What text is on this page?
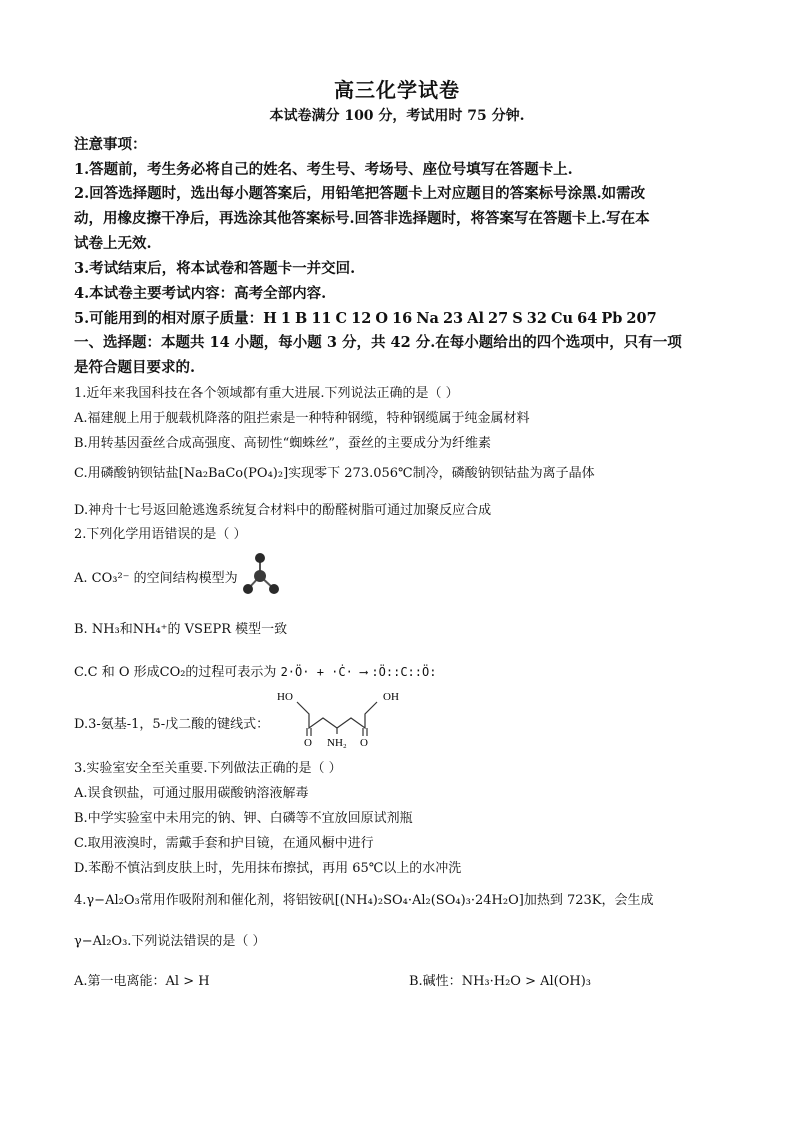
高三化学试卷
本试卷满分 100 分，考试用时 75 分钟.
注意事项：
1.答题前，考生务必将自己的姓名、考生号、考场号、座位号填写在答题卡上.
2.回答选择题时，选出每小题答案后，用铅笔把答题卡上对应题目的答案标号涂黑.如需改
动，用橡皮擦干净后，再选涂其他答案标号.回答非选择题时，将答案写在答题卡上.写在本
试卷上无效.
3.考试结束后，将本试卷和答题卡一并交回.
4.本试卷主要考试内容：高考全部内容.
5.可能用到的相对原子质量：H 1 B 11 C 12 O 16 Na 23 Al 27 S 32 Cu 64 Pb 207
一、选择题：本题共 14 小题，每小题 3 分，共 42 分.在每小题给出的四个选项中，只有一项
是符合题目要求的.
1.近年来我国科技在各个领域都有重大进展.下列说法正确的是（ ）
A.福建舰上用于舰载机降落的阻拦索是一种特种钢缆，特种钢缆属于纯金属材料
B.用转基因蚕丝合成高强度、高韧性“蜘蛛丝”，蚕丝的主要成分为纤维素
C.用磷酸钠钡钴盐[Na₂BaCo(PO₄)₂]实现零下 273.056℃制冷，磷酸钠钡钴盐为离子晶体
D.神舟十七号返回舱逃逸系统复合材料中的酚醛树脂可通过加聚反应合成
2.下列化学用语错误的是（ ）
A. CO₃²⁻ 的空间结构模型为
B. NH₃和NH₄⁺的 VSEPR 模型一致
C.C 和 O 形成CO₂的过程可表示为 2·Ö· + ·Ċ· ⟶ :Ö::C::Ö:
D.3-氨基-1，5-戊二酸的键线式：
HO	OH
O	O
NH₂
3.实验室安全至关重要.下列做法正确的是（ ）
A.误食钡盐，可通过服用碳酸钠溶液解毒
B.中学实验室中未用完的钠、钾、白磷等不宜放回原试剂瓶
C.取用液溴时，需戴手套和护目镜，在通风橱中进行
D.苯酚不慎沾到皮肤上时，先用抹布擦拭，再用 65℃以上的水冲洗
4.γ−Al₂O₃常用作吸附剂和催化剂，将铝铵矾[(NH₄)₂SO₄·Al₂(SO₄)₃·24H₂O]加热到 723K，会生成
γ−Al₂O₃.下列说法错误的是（ ）
A.第一电离能：Al > H	B.碱性：NH₃·H₂O > Al(OH)₃
